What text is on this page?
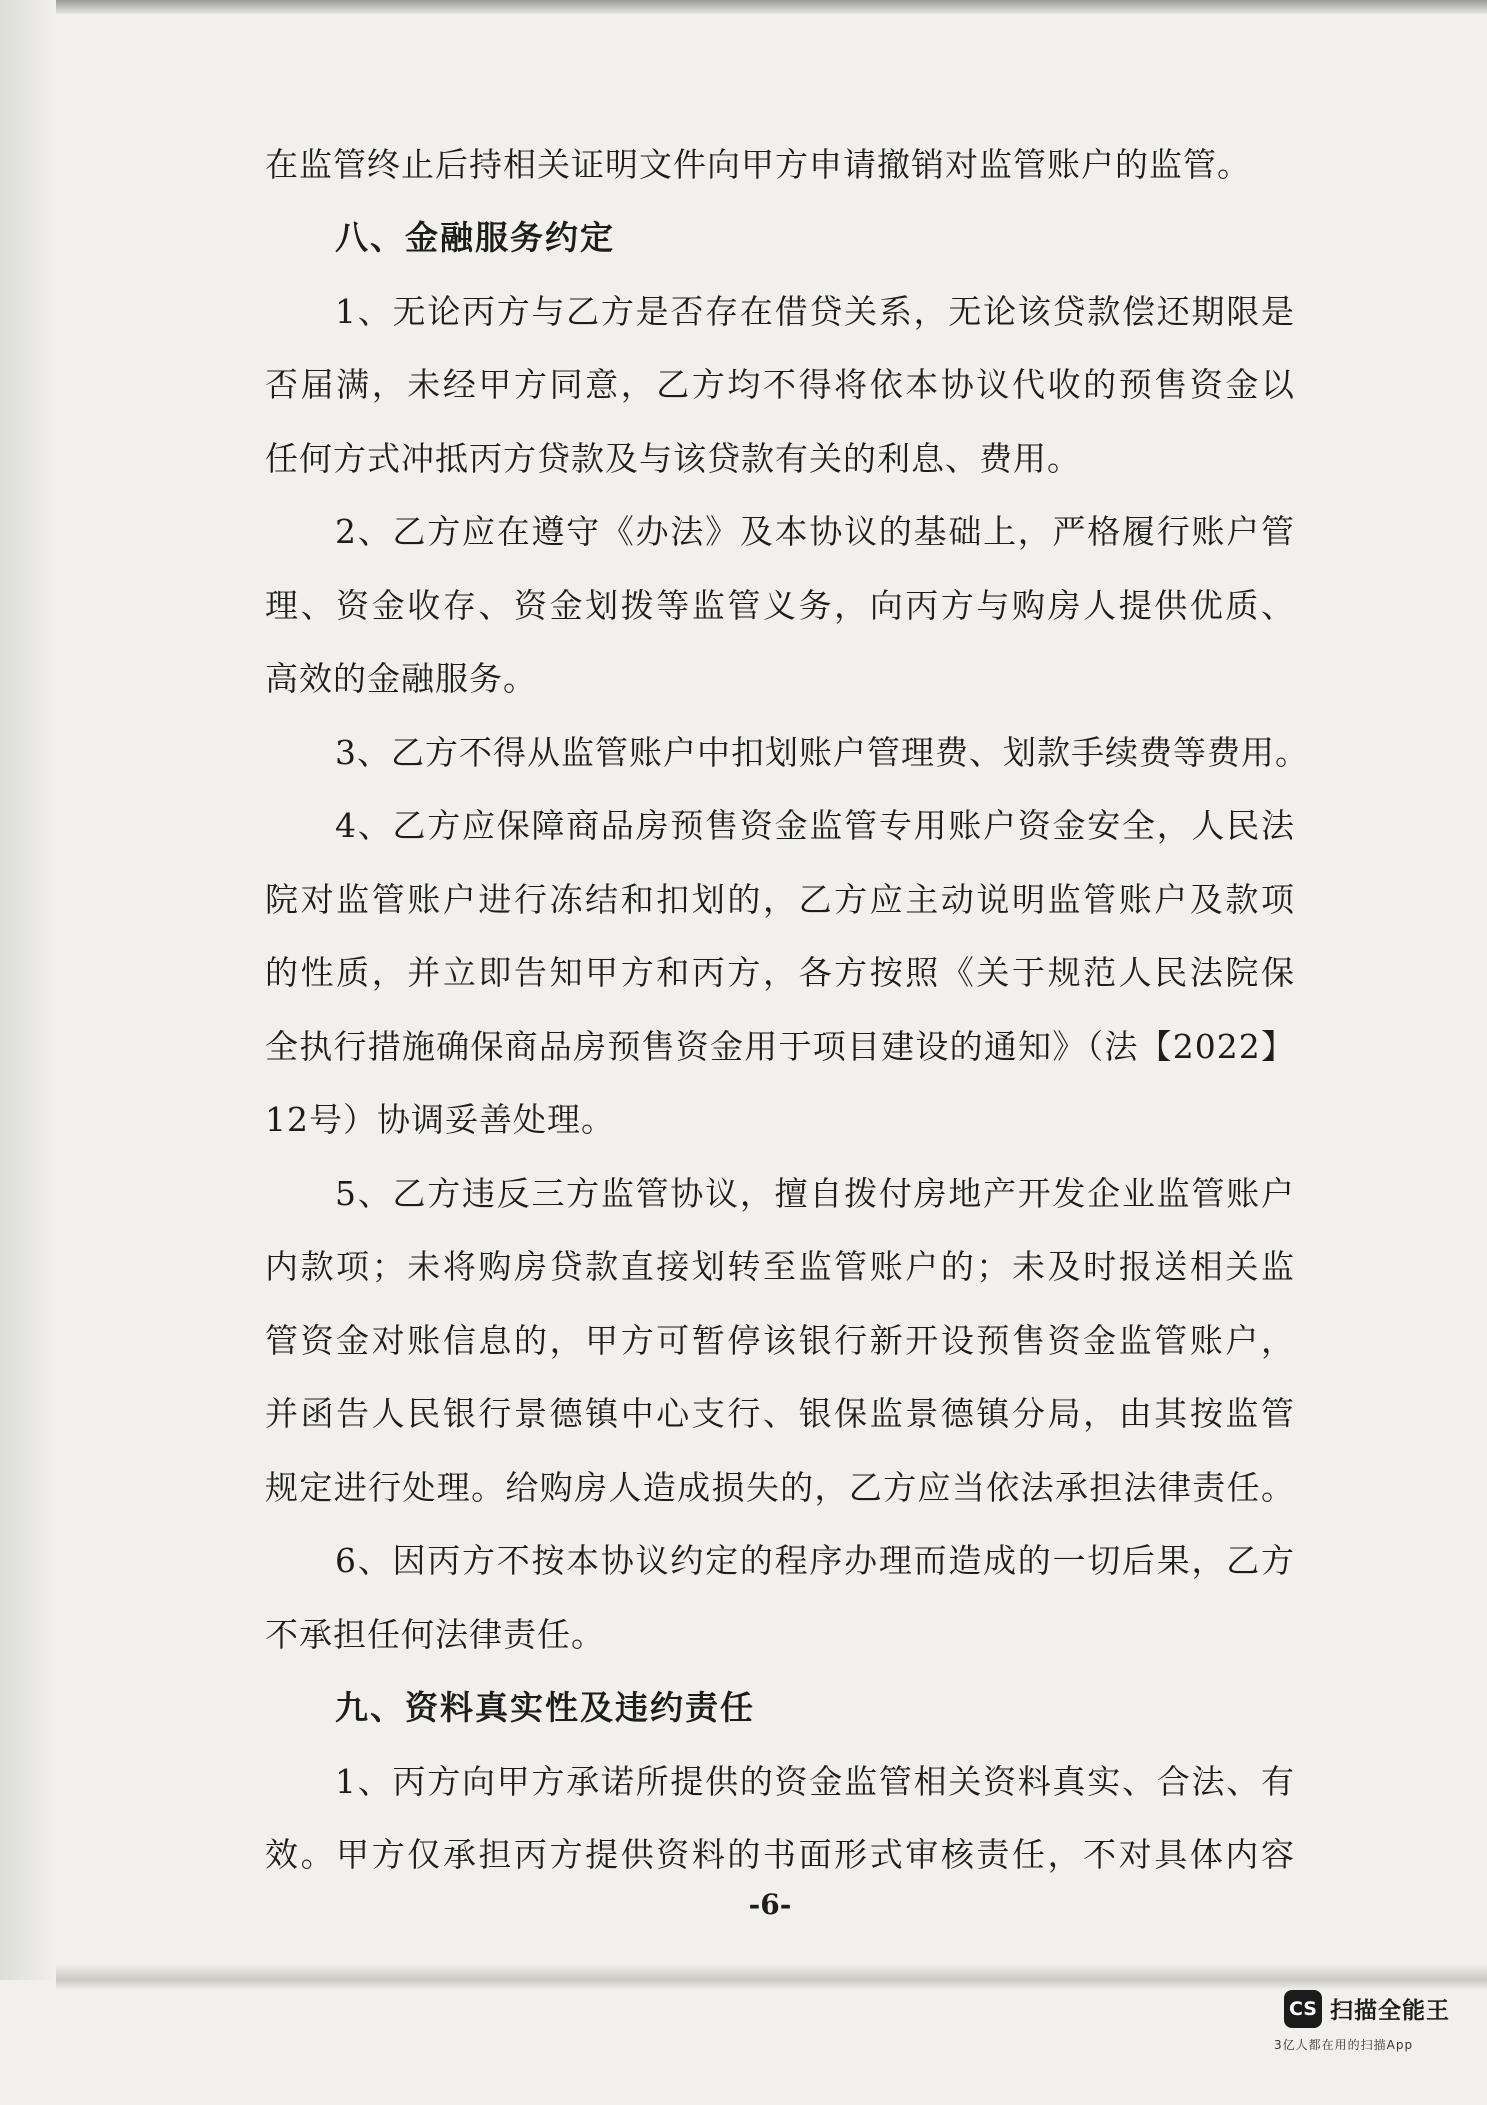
在监管终止后持相关证明文件向甲方申请撤销对监管账户的监管。
八、金融服务约定
1、无论丙方与乙方是否存在借贷关系，无论该贷款偿还期限是
否届满，未经甲方同意，乙方均不得将依本协议代收的预售资金以
任何方式冲抵丙方贷款及与该贷款有关的利息、费用。
2、乙方应在遵守《办法》及本协议的基础上，严格履行账户管
理、资金收存、资金划拨等监管义务，向丙方与购房人提供优质、
高效的金融服务。
3、乙方不得从监管账户中扣划账户管理费、划款手续费等费用。
4、乙方应保障商品房预售资金监管专用账户资金安全，人民法
院对监管账户进行冻结和扣划的，乙方应主动说明监管账户及款项
的性质，并立即告知甲方和丙方，各方按照《关于规范人民法院保
全执行措施确保商品房预售资金用于项目建设的通知》（法【2022】
12号）协调妥善处理。
5、乙方违反三方监管协议，擅自拨付房地产开发企业监管账户
内款项；未将购房贷款直接划转至监管账户的；未及时报送相关监
管资金对账信息的，甲方可暂停该银行新开设预售资金监管账户，
并函告人民银行景德镇中心支行、银保监景德镇分局，由其按监管
规定进行处理。给购房人造成损失的，乙方应当依法承担法律责任。
6、因丙方不按本协议约定的程序办理而造成的一切后果，乙方
不承担任何法律责任。
九、资料真实性及违约责任
1、丙方向甲方承诺所提供的资金监管相关资料真实、合法、有
效。甲方仅承担丙方提供资料的书面形式审核责任，不对具体内容
-6-
CS 扫描全能王
3亿人都在用的扫描App
